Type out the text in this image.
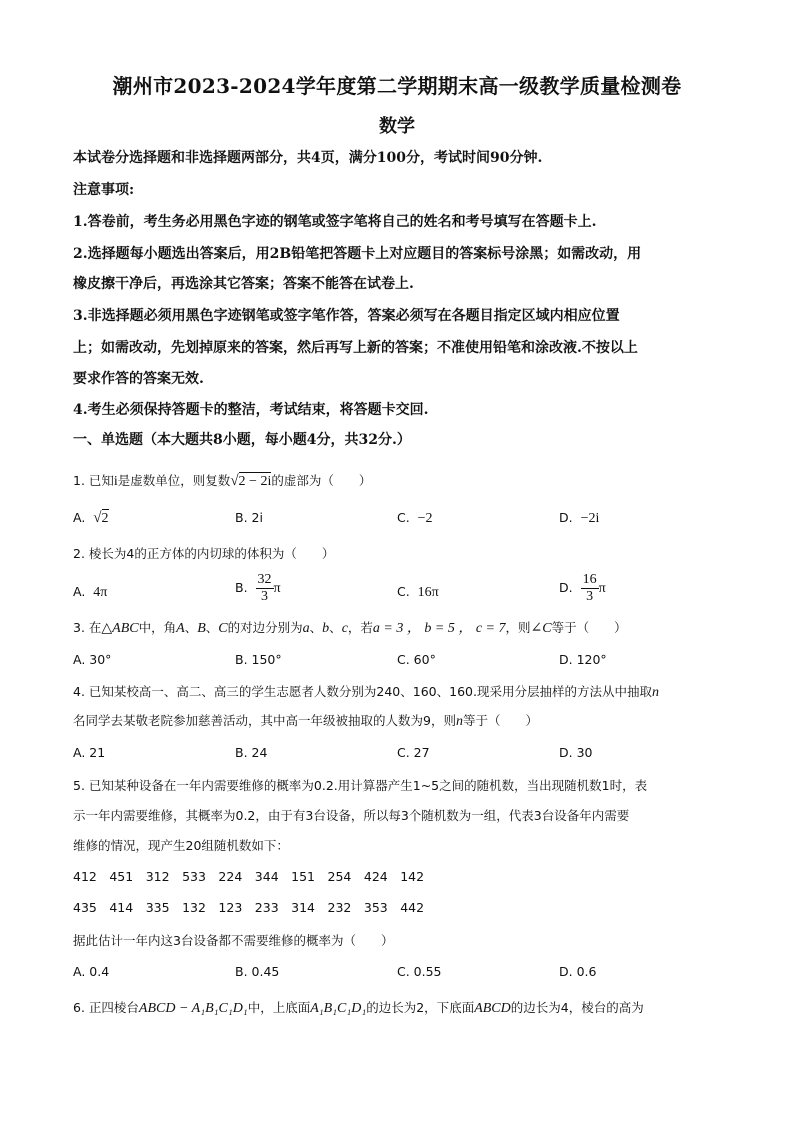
潮州市2023-2024学年度第二学期期末高一级教学质量检测卷
数学
本试卷分选择题和非选择题两部分，共4页，满分100分，考试时间90分钟.
注意事项:
1.答卷前，考生务必用黑色字迹的钢笔或签字笔将自己的姓名和考号填写在答题卡上.
2.选择题每小题选出答案后，用2B铅笔把答题卡上对应题目的答案标号涂黑；如需改动，用
橡皮擦干净后，再选涂其它答案；答案不能答在试卷上.
3.非选择题必须用黑色字迹钢笔或签字笔作答，答案必须写在各题目指定区域内相应位置
上；如需改动，先划掉原来的答案，然后再写上新的答案；不准使用铅笔和涂改液.不按以上
要求作答的答案无效.
4.考生必须保持答题卡的整洁，考试结束，将答题卡交回.
一、单选题（本大题共8小题，每小题4分，共32分.）
1. 已知i是虚数单位，则复数√2 − 2i的虚部为（　　）
A. √2	B. 2i	C. −2	D. −2i
2. 棱长为4的正方体的内切球的体积为（　　）
A. 4π	B. $\frac{32}{3}$ π	C. 16π	D. $\frac{16}{3}$ π
3. 在△ABC中，角A、B、C的对边分别为a、b、c，若a = 3 ， b = 5 ， c = 7，则∠C等于（　　）
A. 30°	B. 150°	C. 60°	D. 120°
4. 已知某校高一、高二、高三的学生志愿者人数分别为240、160、160.现采用分层抽样的方法从中抽取n
名同学去某敬老院参加慈善活动，其中高一年级被抽取的人数为9，则n等于（　　）
A. 21	B. 24	C. 27	D. 30
5. 已知某种设备在一年内需要维修的概率为0.2.用计算器产生1~5之间的随机数，当出现随机数1时，表
示一年内需要维修，其概率为0.2，由于有3台设备，所以每3个随机数为一组，代表3台设备年内需要
维修的情况，现产生20组随机数如下：
412　451　312　533　224　344　151　254　424　142
435　414　335　132　123　233　314　232　353　442
据此估计一年内这3台设备都不需要维修的概率为（　　）
A. 0.4	B. 0.45	C. 0.55	D. 0.6
6. 正四棱台ABCD − A₁B₁C₁D₁中，上底面A₁B₁C₁D₁的边长为2，下底面ABCD的边长为4，棱台的高为
